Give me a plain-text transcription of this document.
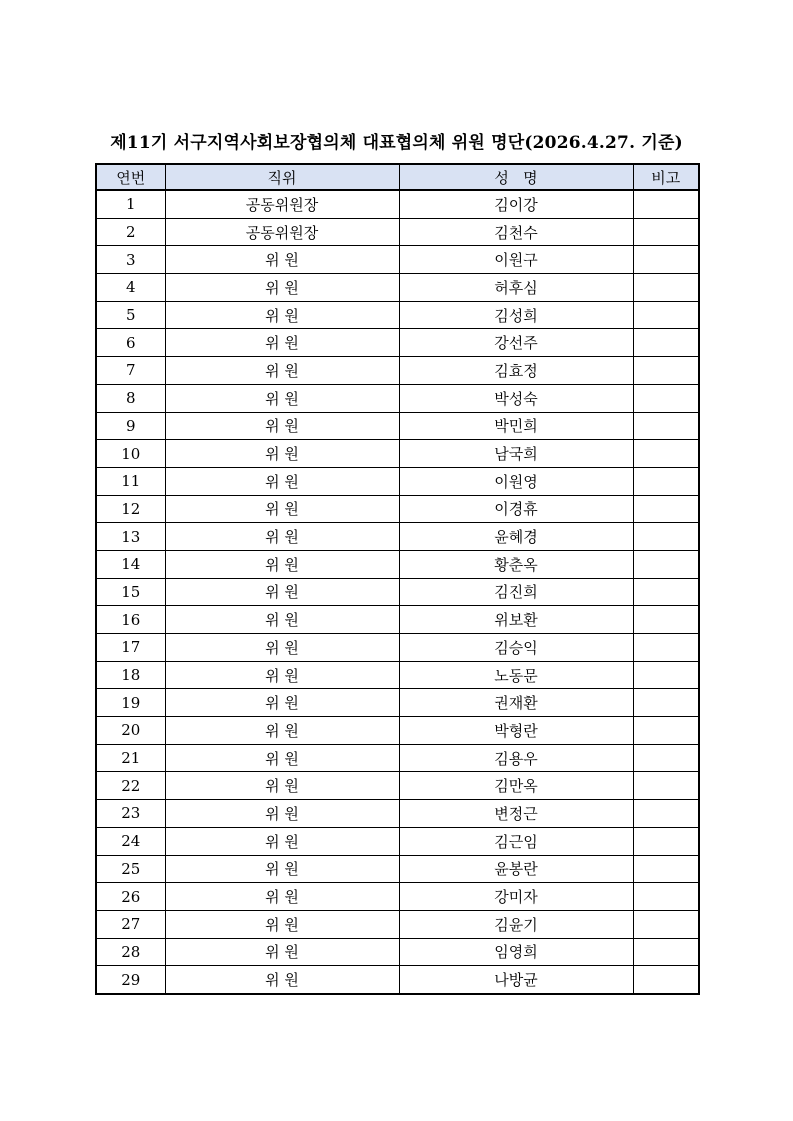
제11기 서구지역사회보장협의체 대표협의체 위원 명단(2026.4.27. 기준)
연번	직위	성   명	비고
1	공동위원장	김이강	
2	공동위원장	김천수	
3	위 원	이원구	
4	위 원	허후심	
5	위 원	김성희	
6	위 원	강선주	
7	위 원	김효정	
8	위 원	박성숙	
9	위 원	박민희	
10	위 원	남국희	
11	위 원	이원영	
12	위 원	이경휴	
13	위 원	윤혜경	
14	위 원	황춘옥	
15	위 원	김진희	
16	위 원	위보환	
17	위 원	김승익	
18	위 원	노동문	
19	위 원	권재환	
20	위 원	박형란	
21	위 원	김용우	
22	위 원	김만옥	
23	위 원	변정근	
24	위 원	김근임	
25	위 원	윤봉란	
26	위 원	강미자	
27	위 원	김윤기	
28	위 원	임영희	
29	위 원	나방균	
